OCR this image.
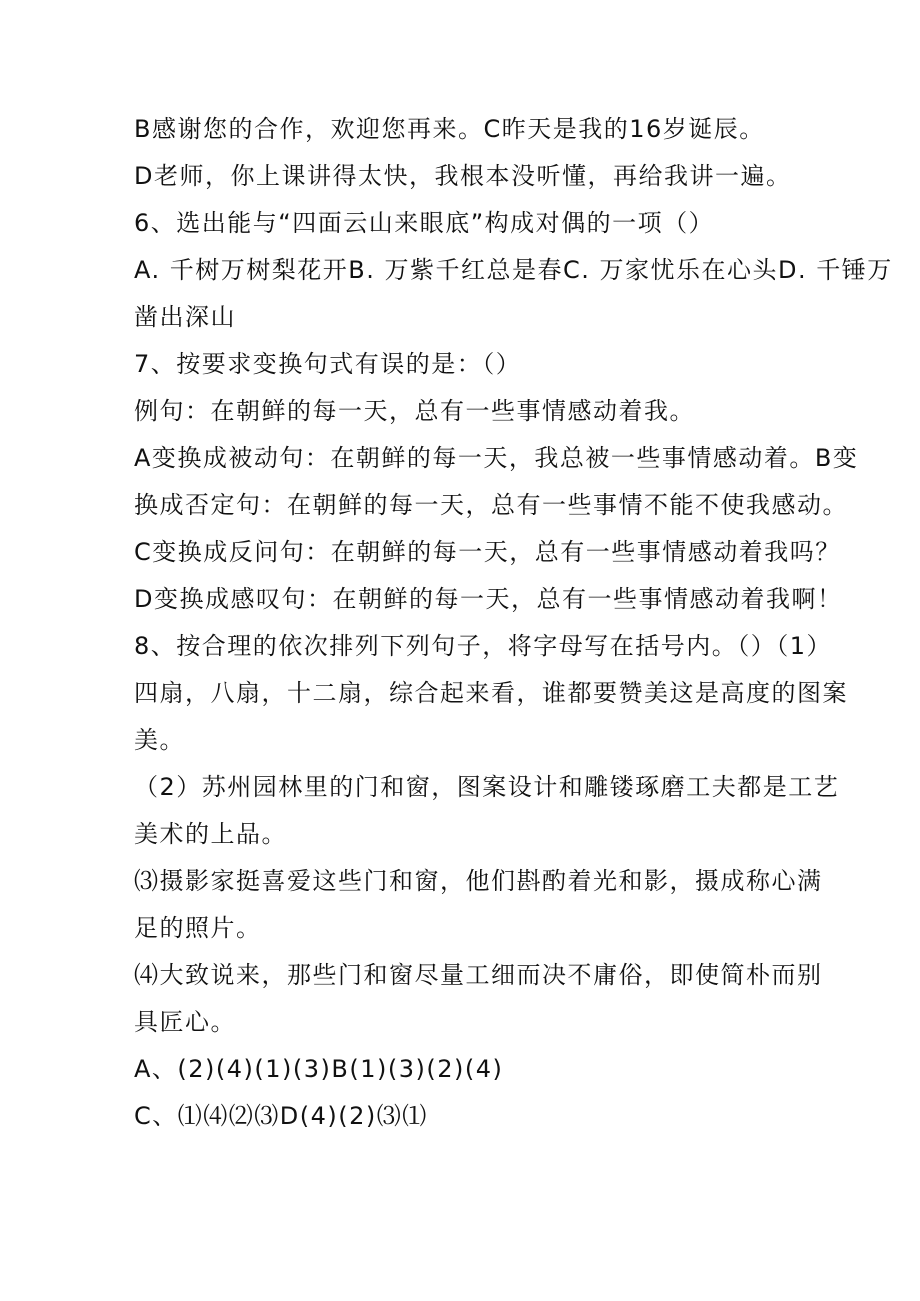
B感谢您的合作，欢迎您再来。C昨天是我的16岁诞辰。
D老师，你上课讲得太快，我根本没听懂，再给我讲一遍。
6、选出能与“四面云山来眼底”构成对偶的一项（）
A. 千树万树梨花开B. 万紫千红总是春C. 万家忧乐在心头D. 千锤万
凿出深山
7、按要求变换句式有误的是：（）
例句：在朝鲜的每一天，总有一些事情感动着我。
A变换成被动句：在朝鲜的每一天，我总被一些事情感动着。B变
换成否定句：在朝鲜的每一天，总有一些事情不能不使我感动。
C变换成反问句：在朝鲜的每一天，总有一些事情感动着我吗？
D变换成感叹句：在朝鲜的每一天，总有一些事情感动着我啊！
8、按合理的依次排列下列句子，将字母写在括号内。（）（1）
四扇，八扇，十二扇，综合起来看，谁都要赞美这是高度的图案
美。
（2）苏州园林里的门和窗，图案设计和雕镂琢磨工夫都是工艺
美术的上品。
⑶摄影家挺喜爱这些门和窗，他们斟酌着光和影，摄成称心满
足的照片。
⑷大致说来，那些门和窗尽量工细而决不庸俗，即使简朴而别
具匠心。
A、(2)(4)(1)(3)B(1)(3)(2)(4)
C、⑴⑷⑵⑶D(4)(2)⑶⑴
